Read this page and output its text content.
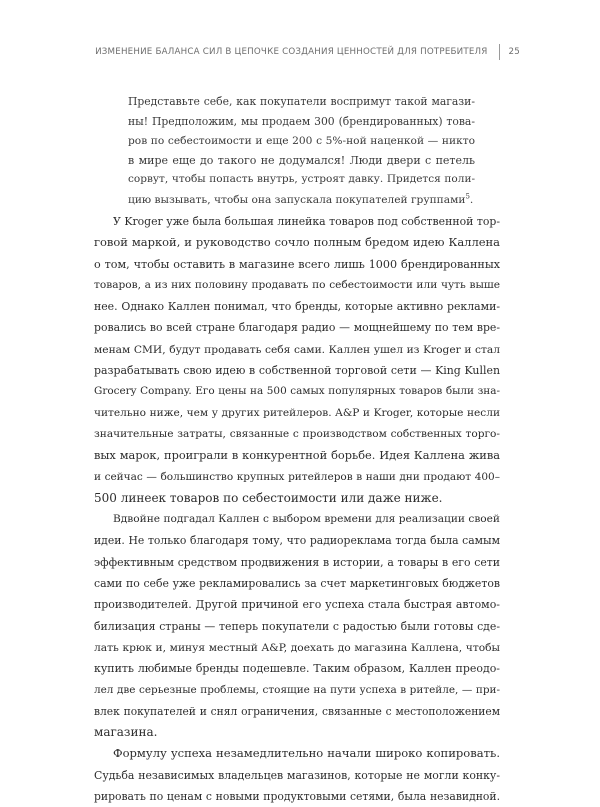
ИЗМЕНЕНИЕ БАЛАНСА СИЛ В ЦЕПОЧКЕ СОЗДАНИЯ ЦЕННОСТЕЙ ДЛЯ ПОТРЕБИТЕЛЯ 25

Представьте себе, как покупатели воспримут такой магази-
ны! Предположим, мы продаем 300 (брендированных) това-
ров по себестоимости и еще 200 с 5%-ной наценкой — никто
в мире еще до такого не додумался! Люди двери с петель
сорвут, чтобы попасть внутрь, устроят давку. Придется поли-
цию вызывать, чтобы она запускала покупателей группами$^5$.

У Kroger уже была большая линейка товаров под собственной тор-
говой маркой, и руководство сочло полным бредом идею Каллена
о том, чтобы оставить в магазине всего лишь 1000 брендированных
товаров, а из них половину продавать по себестоимости или чуть выше
нее. Однако Каллен понимал, что бренды, которые активно реклами-
ровались во всей стране благодаря радио — мощнейшему по тем вре-
менам СМИ, будут продавать себя сами. Каллен ушел из Kroger и стал
разрабатывать свою идею в собственной торговой сети — King Kullen
Grocery Company. Его цены на 500 самых популярных товаров были зна-
чительно ниже, чем у других ритейлеров. A&P и Kroger, которые несли
значительные затраты, связанные с производством собственных торго-
вых марок, проиграли в конкурентной борьбе. Идея Каллена жива
и сейчас — большинство крупных ритейлеров в наши дни продают 400–
500 линеек товаров по себестоимости или даже ниже.

Вдвойне подгадал Каллен с выбором времени для реализации своей
идеи. Не только благодаря тому, что радиореклама тогда была самым
эффективным средством продвижения в истории, а товары в его сети
сами по себе уже рекламировались за счет маркетинговых бюджетов
производителей. Другой причиной его успеха стала быстрая автомо-
билизация страны — теперь покупатели с радостью были готовы сде-
лать крюк и, минуя местный A&P, доехать до магазина Каллена, чтобы
купить любимые бренды подешевле. Таким образом, Каллен преодо-
лел две серьезные проблемы, стоящие на пути успеха в ритейле, — при-
влек покупателей и снял ограничения, связанные с местоположением
магазина.

Формулу успеха незамедлительно начали широко копировать.
Судьба независимых владельцев магазинов, которые не могли конку-
рировать по ценам с новыми продуктовыми сетями, была незавидной.
